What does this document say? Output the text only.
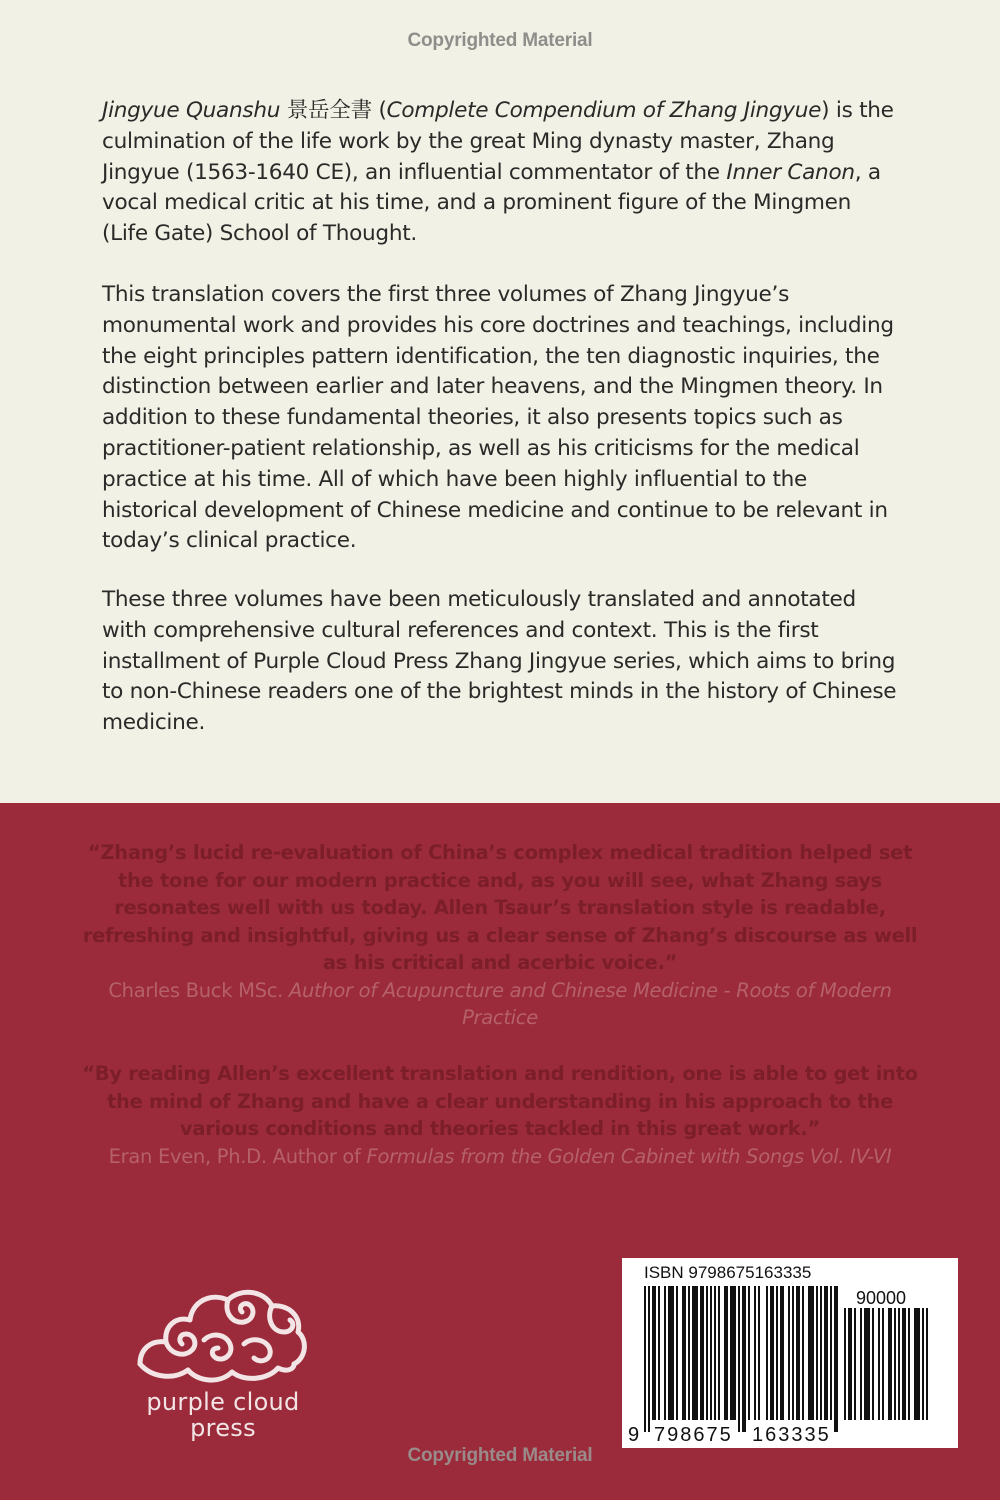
Copyrighted Material

Jingyue Quanshu 景岳全書 (Complete Compendium of Zhang Jingyue) is the culmination of the life work by the great Ming dynasty master, Zhang Jingyue (1563-1640 CE), an influential commentator of the Inner Canon, a vocal medical critic at his time, and a prominent figure of the Mingmen (Life Gate) School of Thought.

This translation covers the first three volumes of Zhang Jingyue’s monumental work and provides his core doctrines and teachings, including the eight principles pattern identification, the ten diagnostic inquiries, the distinction between earlier and later heavens, and the Mingmen theory. In addition to these fundamental theories, it also presents topics such as practitioner-patient relationship, as well as his criticisms for the medical practice at his time. All of which have been highly influential to the historical development of Chinese medicine and continue to be relevant in today’s clinical practice.

These three volumes have been meticulously translated and annotated with comprehensive cultural references and context. This is the first installment of Purple Cloud Press Zhang Jingyue series, which aims to bring to non-Chinese readers one of the brightest minds in the history of Chinese medicine.

“Zhang’s lucid re-evaluation of China’s complex medical tradition helped set the tone for our modern practice and, as you will see, what Zhang says resonates well with us today. Allen Tsaur’s translation style is readable, refreshing and insightful, giving us a clear sense of Zhang’s discourse as well as his critical and acerbic voice.”
Charles Buck MSc. Author of Acupuncture and Chinese Medicine - Roots of Modern Practice

“By reading Allen’s excellent translation and rendition, one is able to get into the mind of Zhang and have a clear understanding in his approach to the various conditions and theories tackled in this great work.”
Eran Even, Ph.D. Author of Formulas from the Golden Cabinet with Songs Vol. IV-VI

purple cloud
press
ISBN 9798675163335
90000
9 798675 163335
Copyrighted Material
